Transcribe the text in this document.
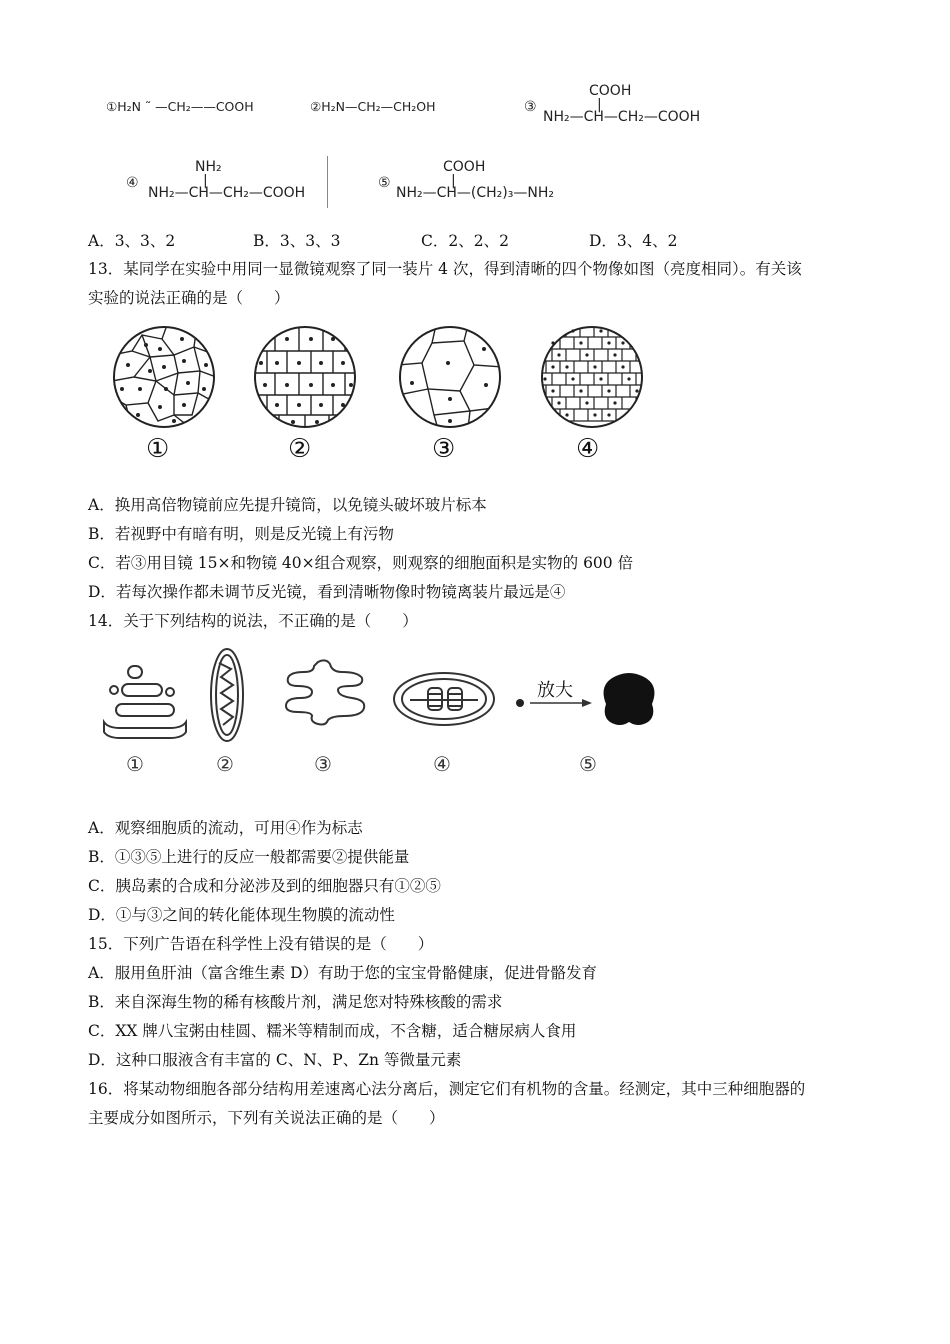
①H₂N ˜ —CH₂——COOH	②H₂N—CH₂—CH₂OH	③
COOH
|
NH₂—CH—CH₂—COOH
④
NH₂
|
NH₂—CH—CH₂—COOH
⑤
COOH
|
NH₂—CH—(CH₂)₃—NH₂
A．3、3、2	B．3、3、3	C．2、2、2	D．3、4、2
13．某同学在实验中用同一显微镜观察了同一装片 4 次，得到清晰的四个物像如图（亮度相同）。有关该
实验的说法正确的是（　　）
①	②	③	④
A．换用高倍物镜前应先提升镜筒，以免镜头破坏玻片标本
B．若视野中有暗有明，则是反光镜上有污物
C．若③用目镜 15×和物镜 40×组合观察，则观察的细胞面积是实物的 600 倍
D．若每次操作都未调节反光镜，看到清晰物像时物镜离装片最远是④
14．关于下列结构的说法，不正确的是（　　）
放大
①	②	③	④	⑤
A．观察细胞质的流动，可用④作为标志
B．①③⑤上进行的反应一般都需要②提供能量
C．胰岛素的合成和分泌涉及到的细胞器只有①②⑤
D．①与③之间的转化能体现生物膜的流动性
15．下列广告语在科学性上没有错误的是（　　）
A．服用鱼肝油（富含维生素 D）有助于您的宝宝骨骼健康，促进骨骼发育
B．来自深海生物的稀有核酸片剂，满足您对特殊核酸的需求
C．XX 牌八宝粥由桂圆、糯米等精制而成，不含糖，适合糖尿病人食用
D．这种口服液含有丰富的 C、N、P、Zn 等微量元素
16．将某动物细胞各部分结构用差速离心法分离后，测定它们有机物的含量。经测定，其中三种细胞器的
主要成分如图所示，下列有关说法正确的是（　　）
